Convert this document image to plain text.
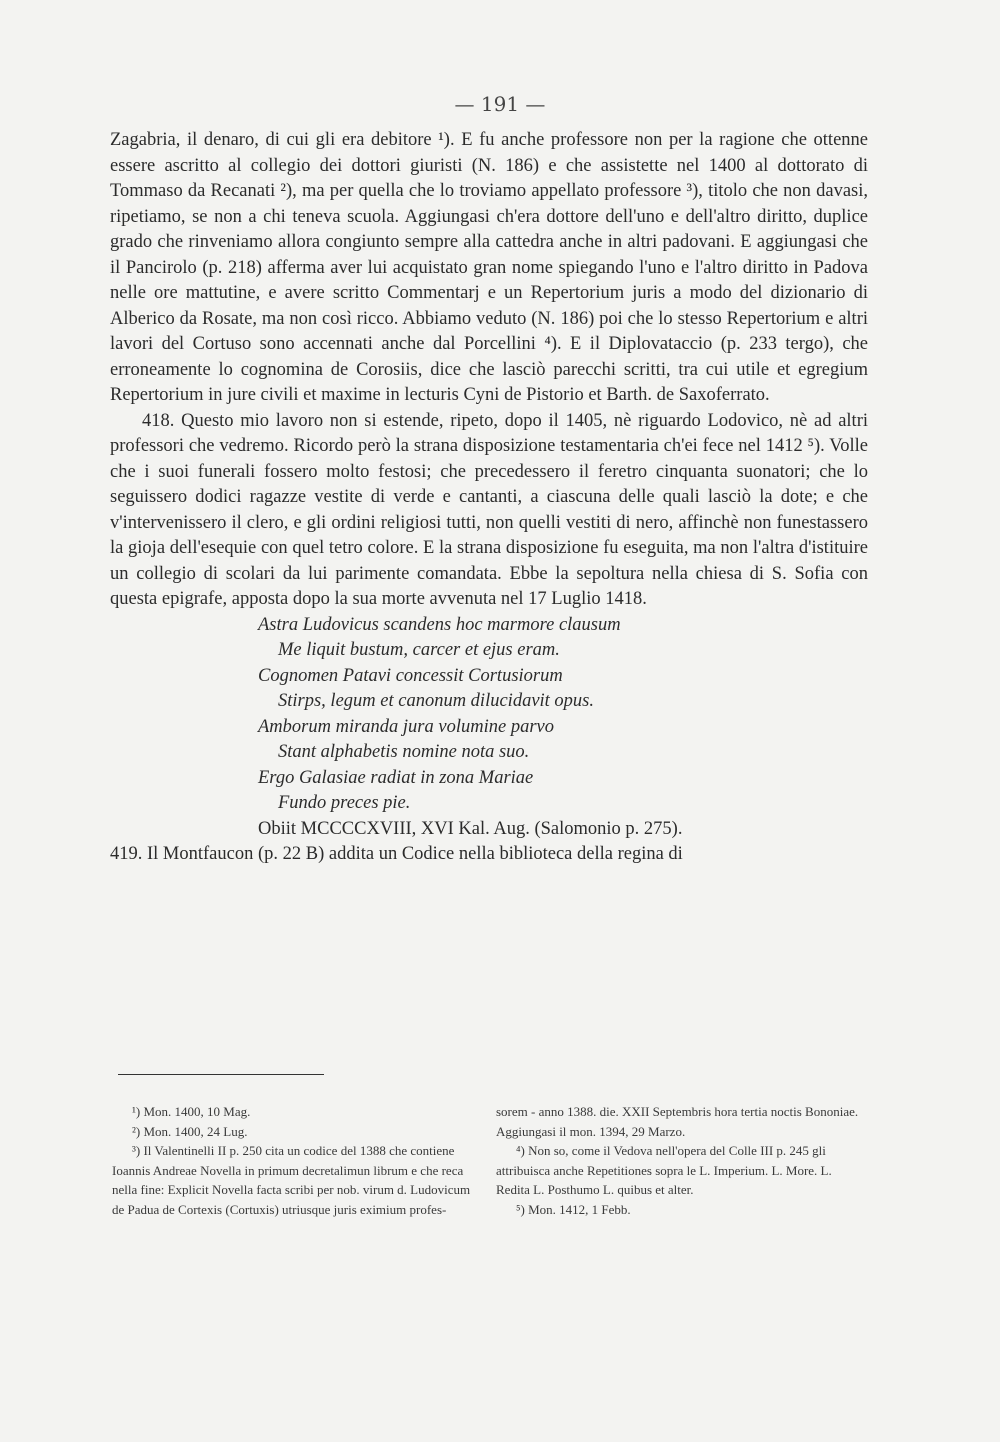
— 191 —

Zagabria, il denaro, di cui gli era debitore ¹). E fu anche professore non per la ragione che ottenne essere ascritto al collegio dei dottori giuristi (N. 186) e che assistette nel 1400 al dottorato di Tommaso da Recanati ²), ma per quella che lo troviamo appellato professore ³), titolo che non davasi, ripetiamo, se non a chi teneva scuola. Aggiungasi ch'era dottore dell'uno e dell'altro diritto, duplice grado che rinveniamo allora congiunto sempre alla cattedra anche in altri padovani. E aggiungasi che il Pancirolo (p. 218) afferma aver lui acquistato gran nome spiegando l'uno e l'altro diritto in Padova nelle ore mattutine, e avere scritto Commentarj e un Repertorium juris a modo del dizionario di Alberico da Rosate, ma non così ricco. Abbiamo veduto (N. 186) poi che lo stesso Repertorium e altri lavori del Cortuso sono accennati anche dal Porcellini ⁴). E il Diplovataccio (p. 233 tergo), che erroneamente lo cognomina de Corosiis, dice che lasciò parecchi scritti, tra cui utile et egregium Repertorium in jure civili et maxime in lecturis Cyni de Pistorio et Barth. de Saxoferrato.

418. Questo mio lavoro non si estende, ripeto, dopo il 1405, nè riguardo Lodovico, nè ad altri professori che vedremo. Ricordo però la strana disposizione testamentaria ch'ei fece nel 1412 ⁵). Volle che i suoi funerali fossero molto festosi; che precedessero il feretro cinquanta suonatori; che lo seguissero dodici ragazze vestite di verde e cantanti, a ciascuna delle quali lasciò la dote; e che v'intervenissero il clero, e gli ordini religiosi tutti, non quelli vestiti di nero, affinchè non funestassero la gioja dell'esequie con quel tetro colore. E la strana disposizione fu eseguita, ma non l'altra d'istituire un collegio di scolari da lui parimente comandata. Ebbe la sepoltura nella chiesa di S. Sofia con questa epigrafe, apposta dopo la sua morte avvenuta nel 17 Luglio 1418.

Astra Ludovicus scandens hoc marmore clausum
Me liquit bustum, carcer et ejus eram.
Cognomen Patavi concessit Cortusiorum
Stirps, legum et canonum dilucidavit opus.
Amborum miranda jura volumine parvo
Stant alphabetis nomine nota suo.
Ergo Galasiae radiat in zona Mariae
Fundo preces pie.
Obiit MCCCCXVIII, XVI Kal. Aug. (Salomonio p. 275).

419. Il Montfaucon (p. 22 B) addita un Codice nella biblioteca della regina di

¹) Mon. 1400, 10 Mag.

²) Mon. 1400, 24 Lug.

³) Il Valentinelli II p. 250 cita un codice del 1388 che contiene Ioannis Andreae Novella in primum decretalimun librum e che reca nella fine: Explicit Novella facta scribi per nob. virum d. Ludovicum de Padua de Cortexis (Cortuxis) utriusque juris eximium profes-

sorem - anno 1388. die. XXII Septembris hora tertia noctis Bononiae. Aggiungasi il mon. 1394, 29 Marzo.

⁴) Non so, come il Vedova nell'opera del Colle III p. 245 gli attribuisca anche Repetitiones sopra le L. Imperium. L. More. L. Redita L. Posthumo L. quibus et alter.

⁵) Mon. 1412, 1 Febb.
